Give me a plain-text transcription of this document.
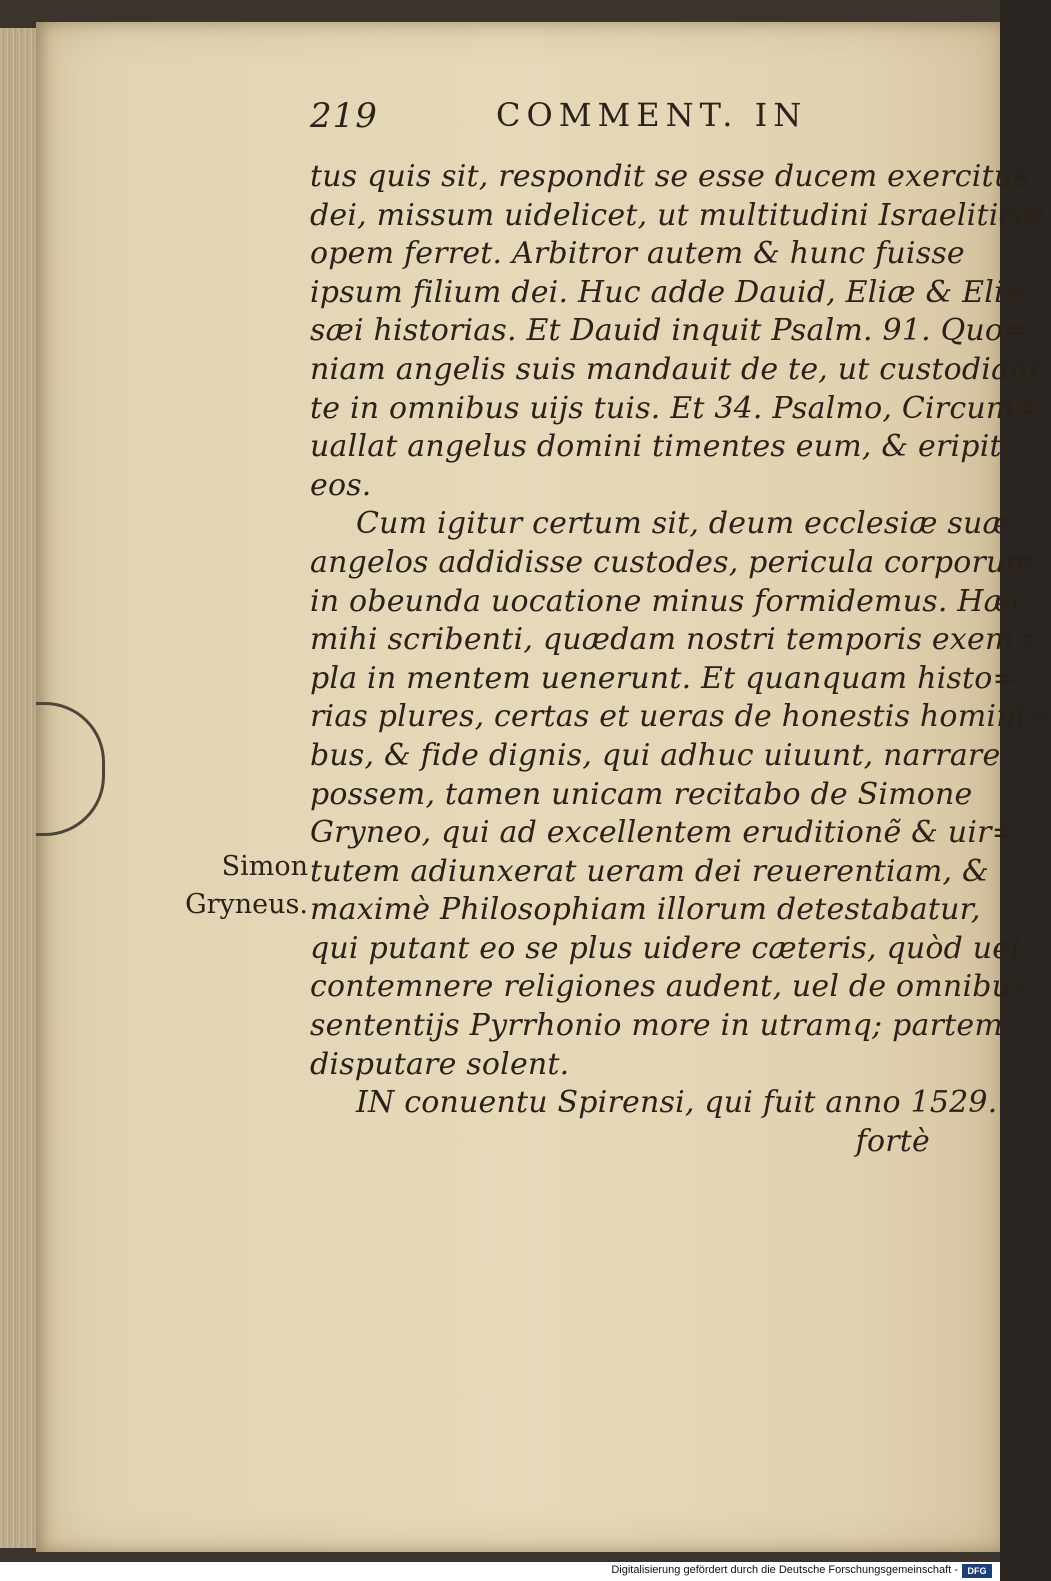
219	COMMENT. IN
Simon
Gryneus.
tus quis sit, respondit se esse ducem exercitus
dei, missum uidelicet, ut multitudini Israeliticæ
opem ferret. Arbitror autem & hunc fuisse
ipsum filium dei. Huc adde Dauid, Eliæ & Eli=
sæi historias. Et Dauid inquit Psalm. 91. Quo=
niam angelis suis mandauit de te, ut custodiant
te in omnibus uijs tuis. Et 34. Psalmo, Circum=
uallat angelus domini timentes eum, & eripit
eos.
Cum igitur certum sit, deum ecclesiæ suæ
angelos addidisse custodes, pericula corporum
in obeunda uocatione minus formidemus. Hæc
mihi scribenti, quædam nostri temporis exem=
pla in mentem uenerunt. Et quanquam histo=
rias plures, certas et ueras de honestis homini=
bus, & fide dignis, qui adhuc uiuunt, narrare
possem, tamen unicam recitabo de Simone
Gryneo, qui ad excellentem eruditionẽ & uir=
tutem adiunxerat ueram dei reuerentiam, &
maximè Philosophiam illorum detestabatur,
qui putant eo se plus uidere cæteris, quòd uel
contemnere religiones audent, uel de omnibus
sententijs Pyrrhonio more in utramq; partem
disputare solent.
IN conuentu Spirensi, qui fuit anno 1529.
fortè
Digitalisierung gefördert durch die Deutsche Forschungsgemeinschaft -	DFG
